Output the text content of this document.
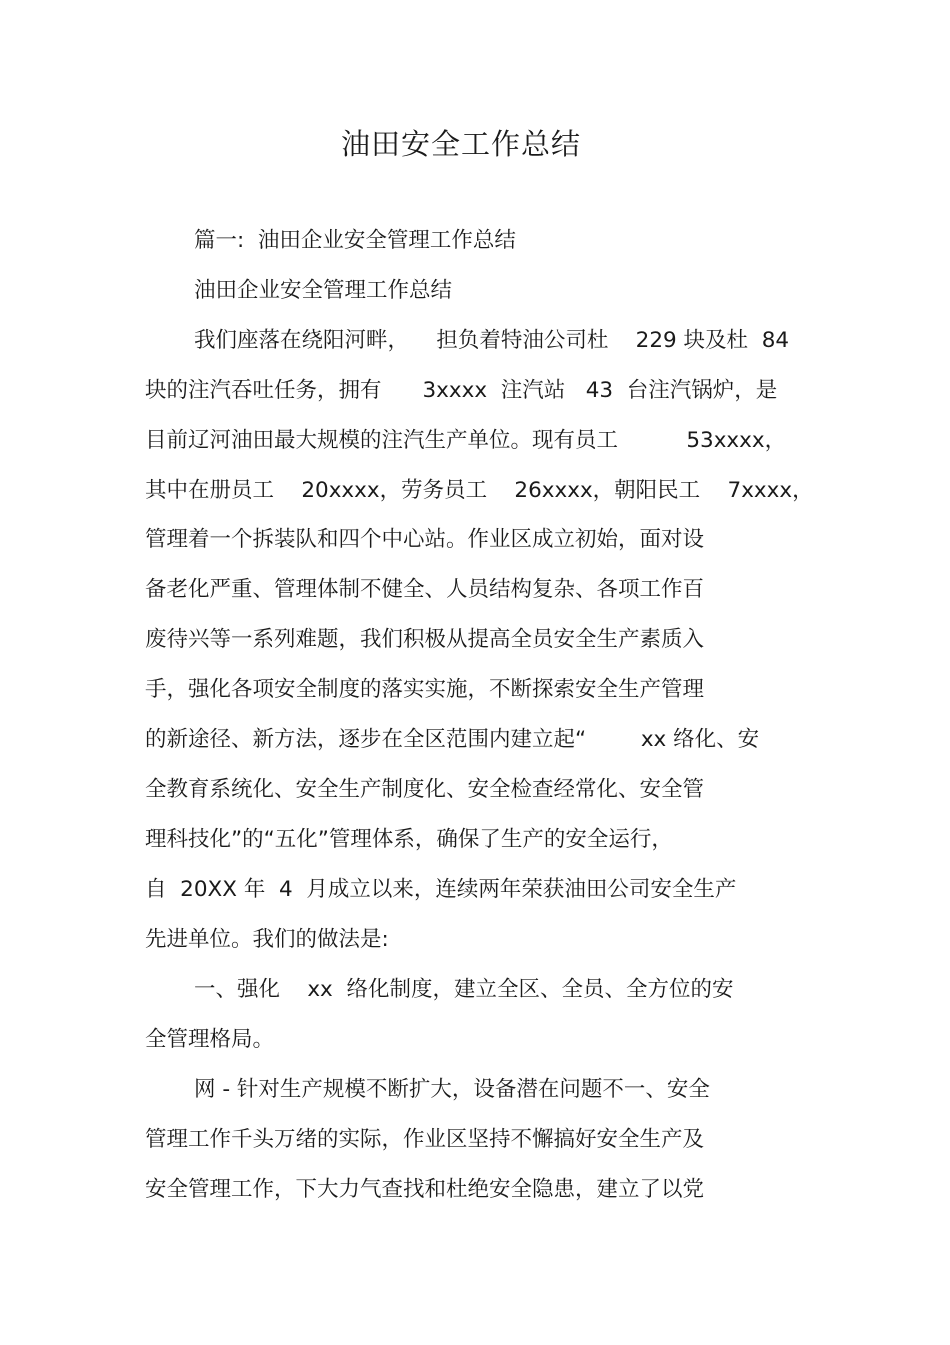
油田安全工作总结
篇一:  油田企业安全管理工作总结
油田企业安全管理工作总结
我们座落在绕阳河畔，    担负着特油公司杜    229 块及杜  84
块的注汽吞吐任务，拥有      3xxxx  注汽站   43  台注汽锅炉，是
目前辽河油田最大规模的注汽生产单位。现有员工          53xxxx，
其中在册员工    20xxxx，劳务员工    26xxxx，朝阳民工    7xxxx，
管理着一个拆装队和四个中心站。作业区成立初始，面对设
备老化严重、管理体制不健全、人员结构复杂、各项工作百
废待兴等一系列难题，我们积极从提高全员安全生产素质入
手，强化各项安全制度的落实实施，不断探索安全生产管理
的新途径、新方法，逐步在全区范围内建立起“        xx 络化、安
全教育系统化、安全生产制度化、安全检查经常化、安全管
理科技化”的“五化”管理体系，确保了生产的安全运行，
自  20XX 年  4  月成立以来，连续两年荣获油田公司安全生产
先进单位。我们的做法是:
一、强化    xx  络化制度，建立全区、全员、全方位的安
全管理格局。
网 - 针对生产规模不断扩大，设备潜在问题不一、安全
管理工作千头万绪的实际，作业区坚持不懈搞好安全生产及
安全管理工作，下大力气查找和杜绝安全隐患，建立了以党
